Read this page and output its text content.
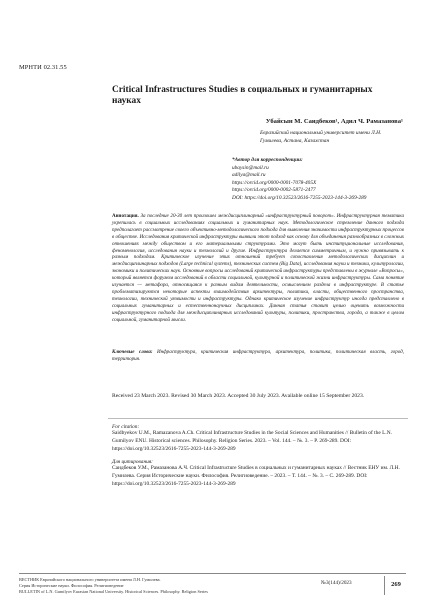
МРНТИ 02.31.55
Critical Infrastructures Studies в социальных и гуманитарных науках
Убайсын М. Саидбеков¹, Адил Ч. Рамазанова¹
Евразийский национальный университет имени Л.Н. Гумилева, Астана, Казахстан
*Автор для корреспонденции:
ubaysin@mail.ru
adilya@mail.ru
https://orcid.org/0000-0001-7078-405X
https://orcid.org/0000-0002-5871-2477
DOI: https://doi.org/10.32523/2616-7255-2023-144-3-269-289
Аннотация. За последние 20-30 лет произошел междисциплинарный «инфраструктурный поворот». Инфраструктурная тематика укрепилась в социальных исследованиях социальных и гуманитарных наук. Методологическое стремление данного подхода предполагает рассмотрение своего объективно-методологического подхода для выявления значимости инфраструктурных процессов в обществе. Исследования критической инфраструктуры выявили этот подход как основу для объединения разнообразных в сложных отношениях между обществом и его материальными структурами. Это могут быть институциональные исследования, феноменология, исследования науки и технологий и другие. Инфраструктура делается симметричным, и нужно привязывать к разным подходам. Критическое изучение этих отношений требует сопоставления методологических дисциплин и междисциплинарных подходов (Large technical systems), технических систем (Big Data), исследования науки и техники, культурологии, экономики и политических наук. Основные вопросы исследований критической инфраструктуры представлены в журнале «Вопросы», который является форумом исследований в области социальной, культурной и политической жизни инфраструктуры. Сама понятие изучается — метафора, относящаяся к разным видам деятельности, осмыслением раздела в инфраструктуре. В статье проблематизируются некоторые аспекты взаимодействия архитектуры, политики, власти, общественного пространства, технологии, технической уязвимости и инфраструктуры. Однако критическое изучение инфраструктур иногда представлено в социальных гуманитарных и естественнонаучных дисциплинах. Данная статья ставит целью оценить возможности инфраструктурного подхода для междисциплинарных исследований культуры, политики, пространства, города, а также в целом социальной, гуманитарной мысли.
Ключевые слова: Инфраструктура, критическая инфраструктура, архитектура, политика, политическая власть, город, территория.
Received 23 March 2023. Revised 30 March 2023. Accepted 30 July 2023. Available online 15 September 2023.
For citation:
Saidbyekov U.M., Ramazanova A.Ch. Critical Infrastructure Studies in the Social Sciences and Humanities // Bulletin of the L.N. Gumilyov ENU. Historical sciences. Philosophy. Religion Series. 2023. – Vol. 144. – №. 3. – P. 269-289. DOI: https://doi.org/10.32523/2616-7255-2023-144-3-269-289
Для цитирования:
Саидбеков У.М., Рамазанова А.Ч. Critical Infrastructure Studies в социальных и гуманитарных науках // Вестник ЕНУ им. Л.Н. Гумилева. Серия Исторические науки. Философия. Религиоведение. – 2023. – Т. 144. – №. 3. – С. 269-289. DOI: https://doi.org/10.32523/2616-7255-2023-144-3-269-289
ВЕСТНИК Евразийского национального университета имени Л.Н. Гумилева.
Серия Исторические науки. Философия. Религиоведение
BULLETIN of L.N. Gumilyov Eurasian National University. Historical Sciences. Philosophy. Religion Series
№3(144)/2023	269
